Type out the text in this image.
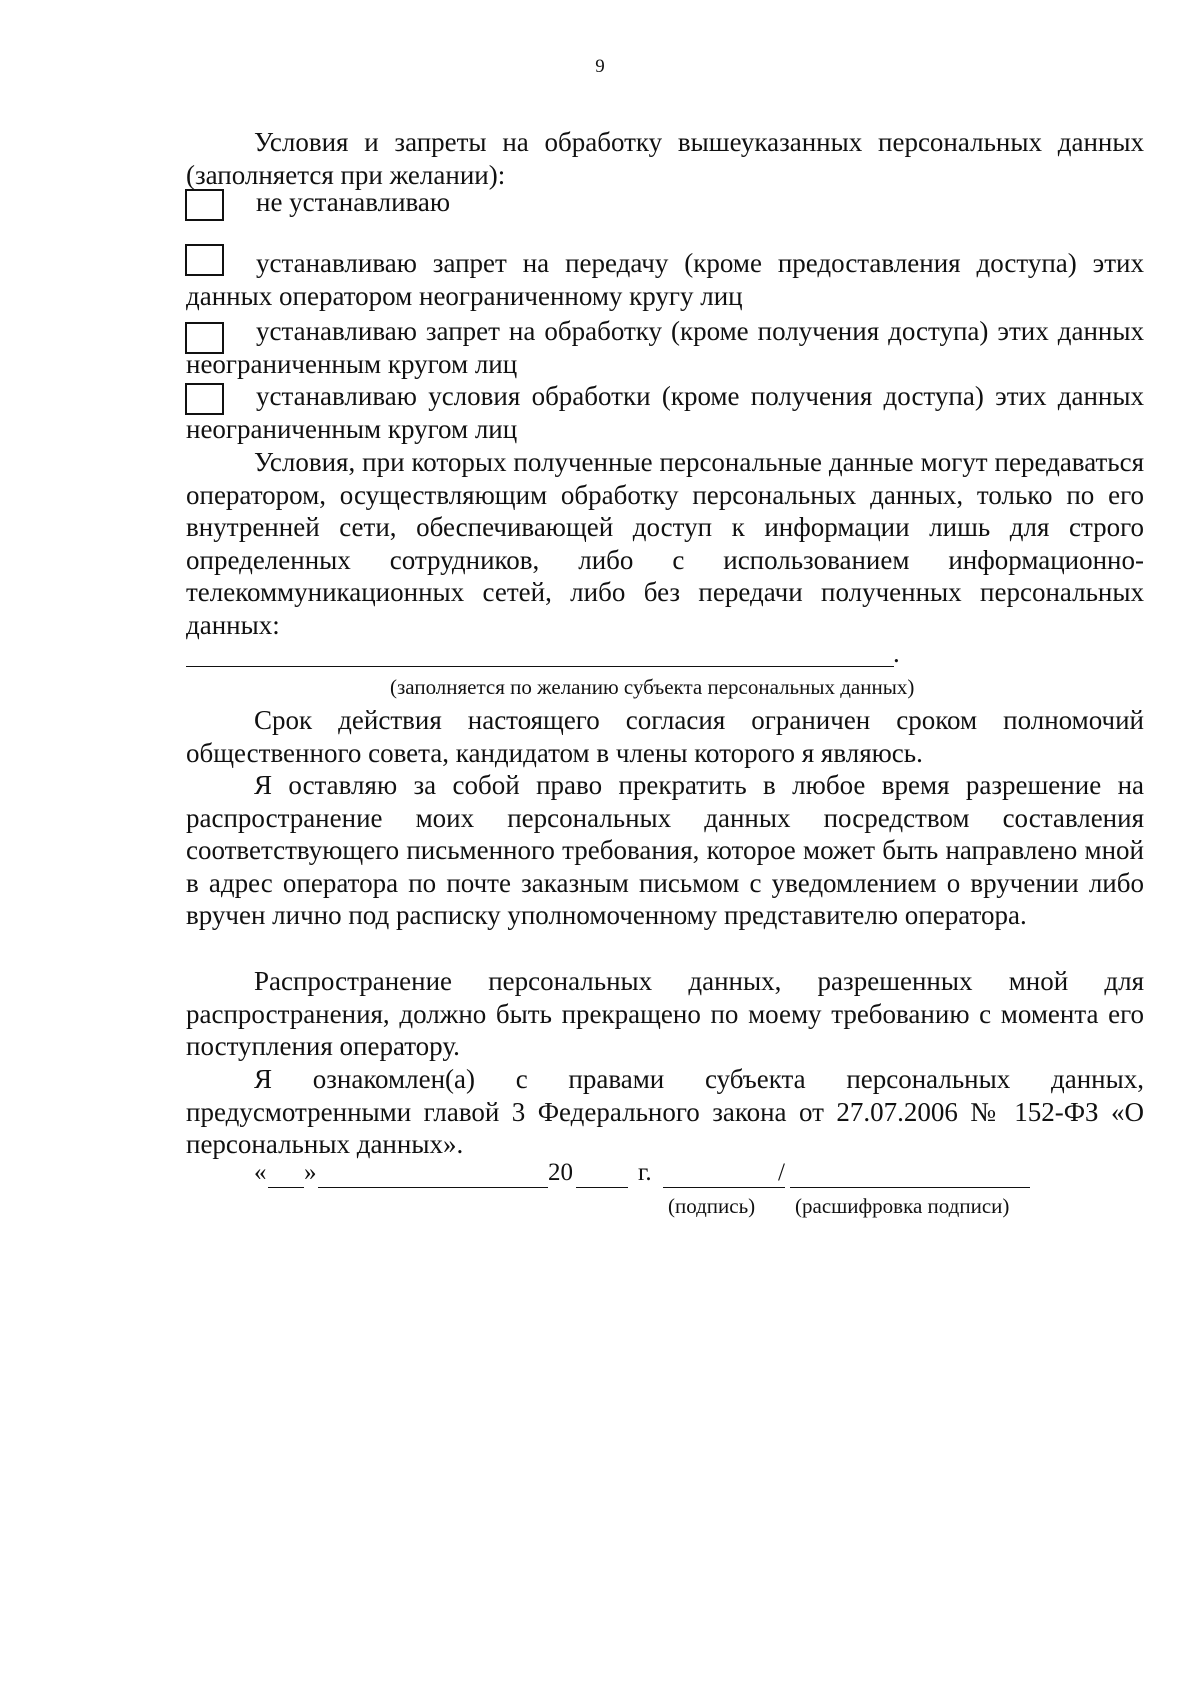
9

Условия и запреты на обработку вышеуказанных персональных данных (заполняется при желании):

не устанавливаю

устанавливаю запрет на передачу (кроме предоставления доступа) этих данных оператором неограниченному кругу лиц

устанавливаю запрет на обработку (кроме получения доступа) этих данных неограниченным кругом лиц

устанавливаю условия обработки (кроме получения доступа) этих данных неограниченным кругом лиц

Условия, при которых полученные персональные данные могут передаваться оператором, осуществляющим обработку персональных данных, только по его внутренней сети, обеспечивающей доступ к информации лишь для строго определенных сотрудников, либо с использованием информационно-телекоммуникационных сетей, либо без передачи полученных персональных данных:

.
(заполняется по желанию субъекта персональных данных)

Срок действия настоящего согласия ограничен сроком полномочий общественного совета, кандидатом в члены которого я являюсь.

Я оставляю за собой право прекратить в любое время разрешение на распространение моих персональных данных посредством составления соответствующего письменного требования, которое может быть направлено мной в адрес оператора по почте заказным письмом с уведомлением о вручении либо вручен лично под расписку уполномоченному представителю оператора.

Распространение персональных данных, разрешенных мной для распространения, должно быть прекращено по моему требованию с момента его поступления оператору.

Я ознакомлен(а) с правами субъекта персональных данных, предусмотренными главой 3 Федерального закона от 27.07.2006 № 152-ФЗ «О персональных данных».

« »	20	г.	/
(подпись) (расшифровка подписи)
